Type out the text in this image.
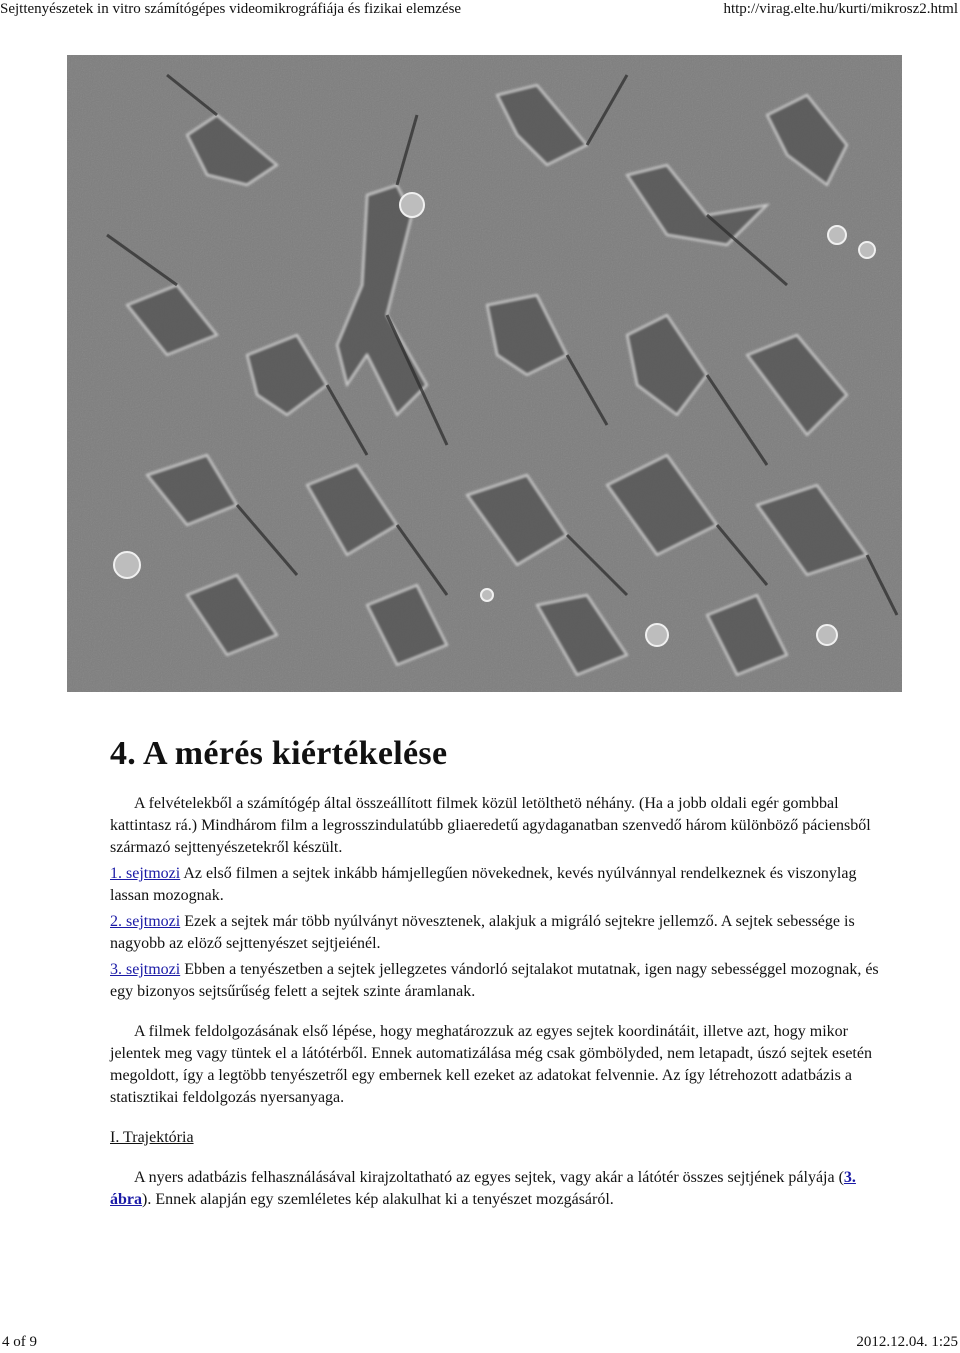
Sejttenyészetek in vitro számítógépes videomikrográfiája és fizikai elemzése	http://virag.elte.hu/kurti/mikrosz2.html
4. A mérés kiértékelése

A felvételekből a számítógép által összeállított filmek közül letölthetö néhány. (Ha a jobb oldali egér gombbal kattintasz rá.) Mindhárom film a legrosszindulatúbb gliaeredetű agydaganatban szenvedő három különböző páciensből származó sejttenyészetekről készült.

1. sejtmozi Az első filmen a sejtek inkább hámjellegűen növekednek, kevés nyúlvánnyal rendelkeznek és viszonylag lassan mozognak.

2. sejtmozi Ezek a sejtek már több nyúlványt növesztenek, alakjuk a migráló sejtekre jellemző. A sejtek sebessége is nagyobb az elöző sejttenyészet sejtjeiénél.

3. sejtmozi Ebben a tenyészetben a sejtek jellegzetes vándorló sejtalakot mutatnak, igen nagy sebességgel mozognak, és egy bizonyos sejtsűrűség felett a sejtek szinte áramlanak.

A filmek feldolgozásának első lépése, hogy meghatározzuk az egyes sejtek koordinátáit, illetve azt, hogy mikor jelentek meg vagy tüntek el a látótérből. Ennek automatizálása még csak gömbölyded, nem letapadt, úszó sejtek esetén megoldott, így a legtöbb tenyészetről egy embernek kell ezeket az adatokat felvennie. Az így létrehozott adatbázis a statisztikai feldolgozás nyersanyaga.

I. Trajektória

A nyers adatbázis felhasználásával kirajzoltatható az egyes sejtek, vagy akár a látótér összes sejtjének pályája (3. ábra). Ennek alapján egy szemléletes kép alakulhat ki a tenyészet mozgásáról.

4 of 9	2012.12.04. 1:25
